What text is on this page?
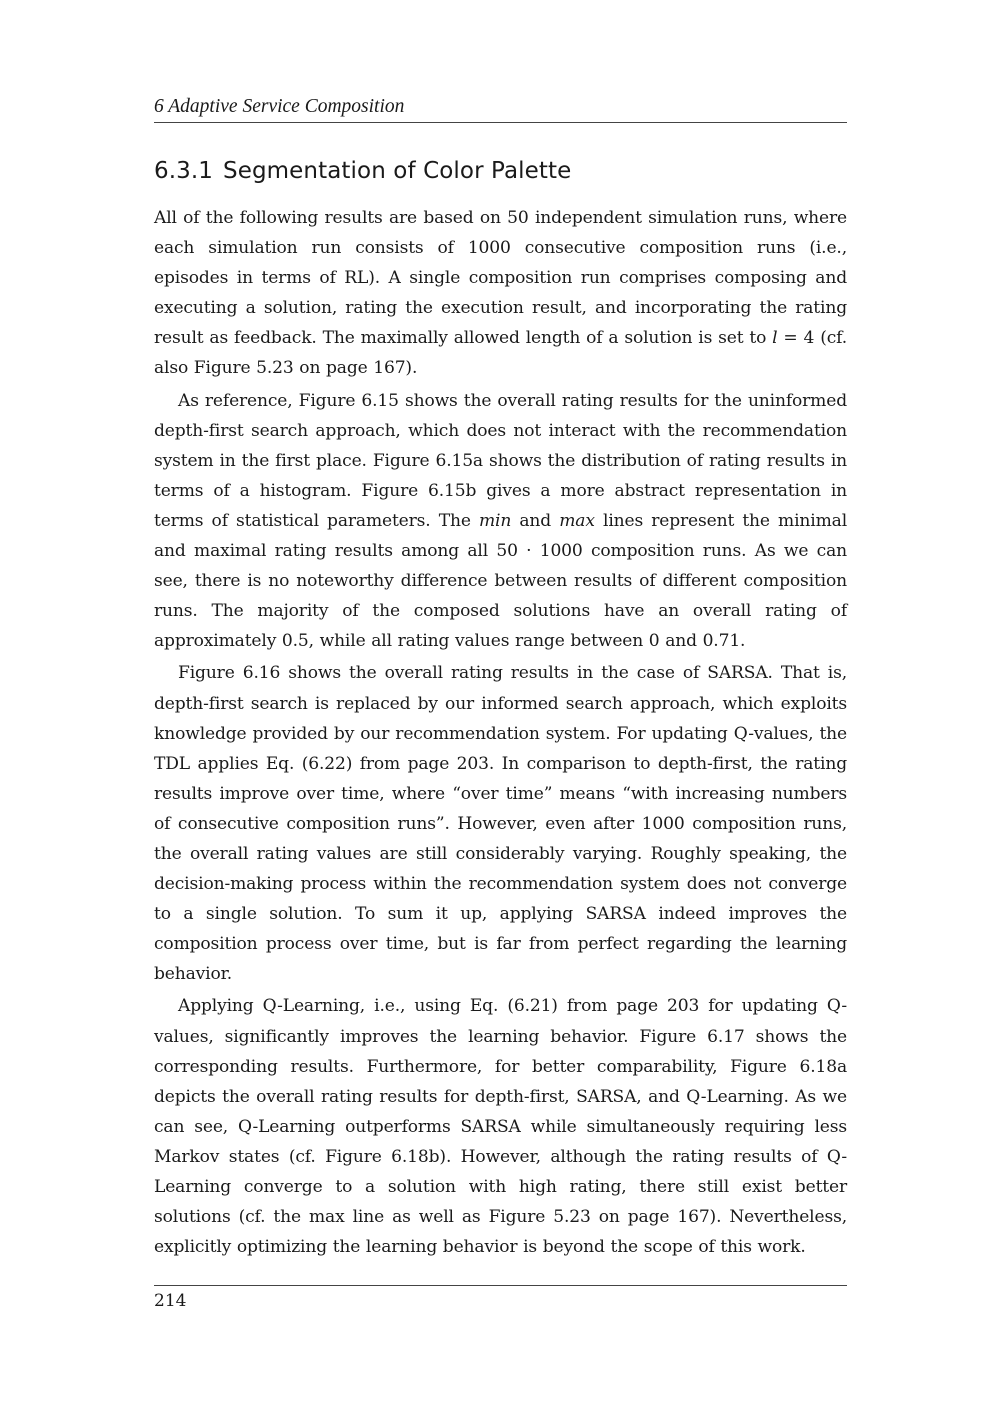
6 Adaptive Service Composition
6.3.1 Segmentation of Color Palette

All of the following results are based on 50 independent simulation runs, where each simulation run consists of 1000 consecutive composition runs (i.e., episodes in terms of RL). A single composition run comprises composing and executing a solution, rating the execution result, and incorporating the rating result as feedback. The maximally allowed length of a solution is set to l = 4 (cf. also Figure 5.23 on page 167).

As reference, Figure 6.15 shows the overall rating results for the uninformed depth-first search approach, which does not interact with the recommendation system in the first place. Figure 6.15a shows the distribution of rating results in terms of a histogram. Figure 6.15b gives a more abstract representation in terms of statistical parameters. The min and max lines represent the minimal and maximal rating results among all 50 · 1000 composition runs. As we can see, there is no noteworthy difference between results of different composition runs. The majority of the composed solutions have an overall rating of approximately 0.5, while all rating values range between 0 and 0.71.

Figure 6.16 shows the overall rating results in the case of SARSA. That is, depth-first search is replaced by our informed search approach, which exploits knowledge provided by our recommendation system. For updating Q-values, the TDL applies Eq. (6.22) from page 203. In comparison to depth-first, the rating results improve over time, where “over time” means “with increasing numbers of consecutive composition runs”. However, even after 1000 composition runs, the overall rating values are still considerably varying. Roughly speaking, the decision-making process within the recommendation system does not converge to a single solution. To sum it up, applying SARSA indeed improves the composition process over time, but is far from perfect regarding the learning behavior.

Applying Q-Learning, i.e., using Eq. (6.21) from page 203 for updating Q-values, significantly improves the learning behavior. Figure 6.17 shows the corresponding results. Furthermore, for better comparability, Figure 6.18a depicts the overall rating results for depth-first, SARSA, and Q-Learning. As we can see, Q-Learning outperforms SARSA while simultaneously requiring less Markov states (cf. Figure 6.18b). However, although the rating results of Q-Learning converge to a solution with high rating, there still exist better solutions (cf. the max line as well as Figure 5.23 on page 167). Nevertheless, explicitly optimizing the learning behavior is beyond the scope of this work.

214
